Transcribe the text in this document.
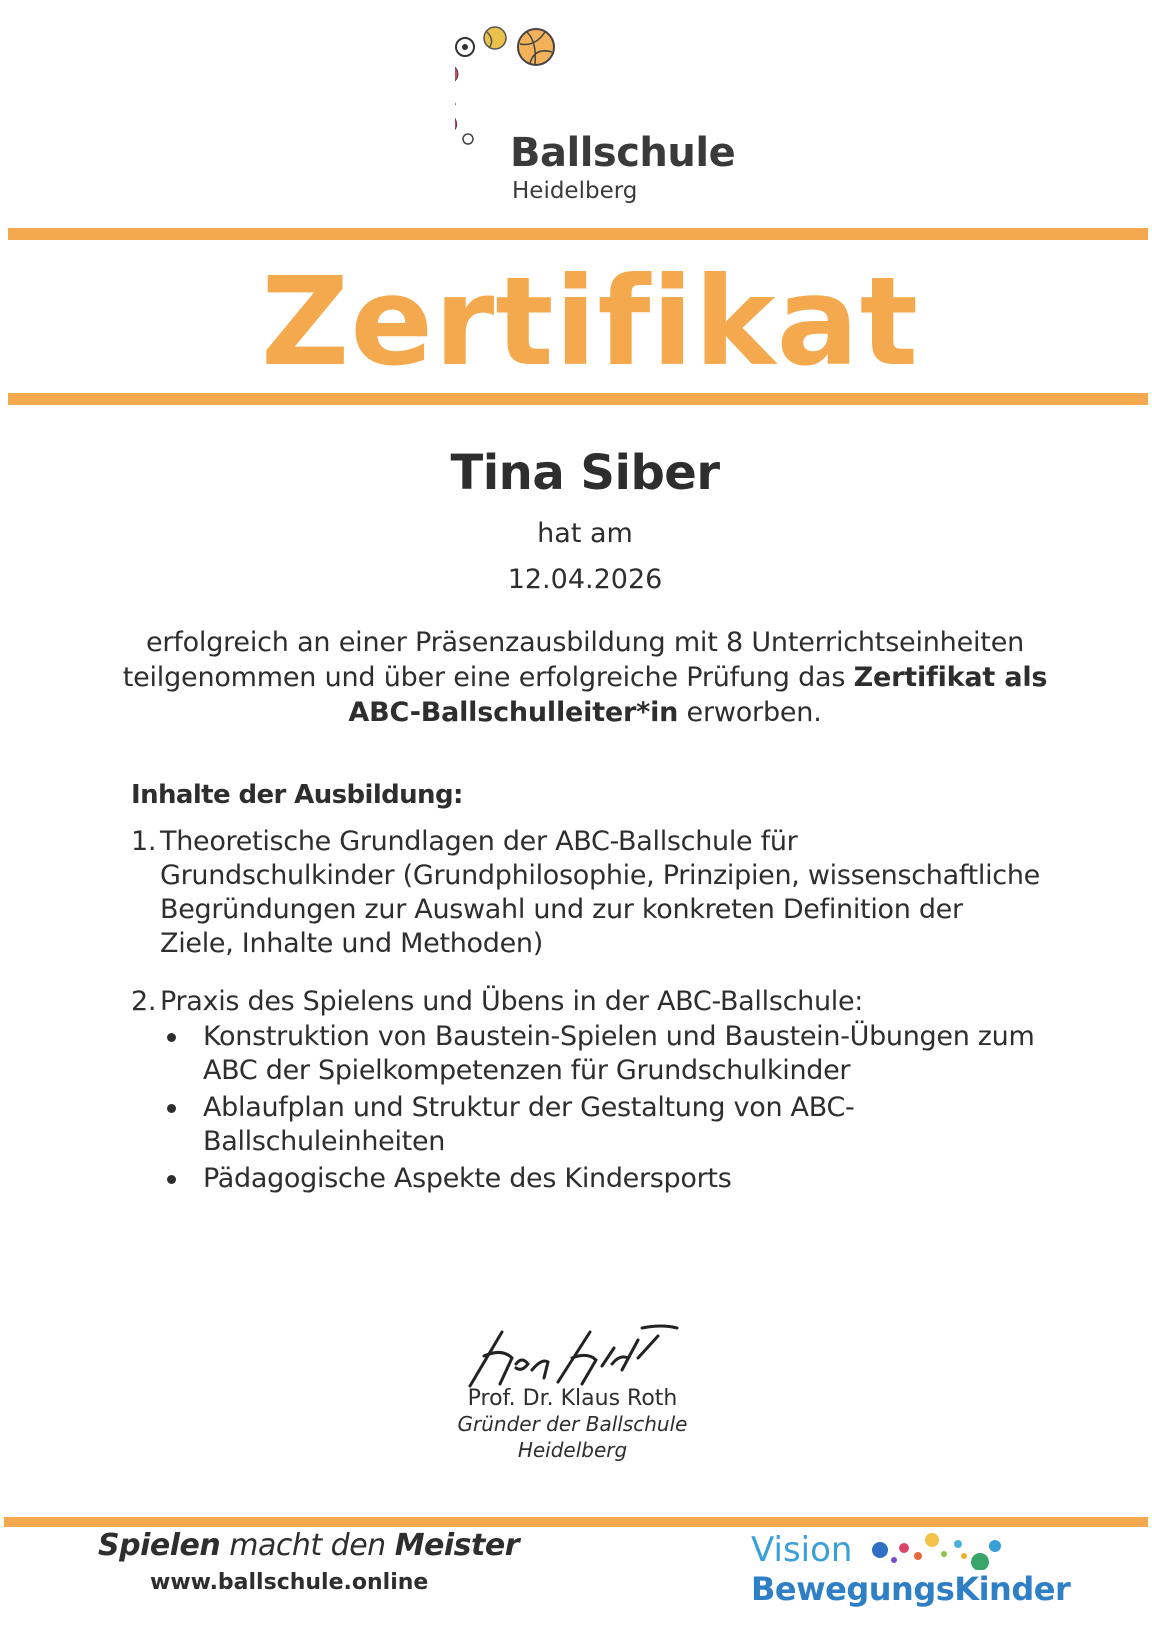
Ballschule
Heidelberg
Zertifikat
Tina Siber
hat am
12.04.2026
erfolgreich an einer Präsenzausbildung mit 8 Unterrichtseinheiten teilgenommen und über eine erfolgreiche Prüfung das Zertifikat als ABC-Ballschulleiter*in erworben.
Inhalte der Ausbildung:
1. Theoretische Grundlagen der ABC-Ballschule für Grundschulkinder (Grundphilosophie, Prinzipien, wissenschaftliche Begründungen zur Auswahl und zur konkreten Definition der Ziele, Inhalte und Methoden)
2. Praxis des Spielens und Übens in der ABC-Ballschule:
Konstruktion von Baustein-Spielen und Baustein-Übungen zum ABC der Spielkompetenzen für Grundschulkinder
Ablaufplan und Struktur der Gestaltung von ABC-Ballschuleinheiten
Pädagogische Aspekte des Kindersports
Prof. Dr. Klaus Roth
Gründer der Ballschule
Heidelberg
Spielen macht den Meister
www.ballschule.online
Vision
BewegungsKinder
